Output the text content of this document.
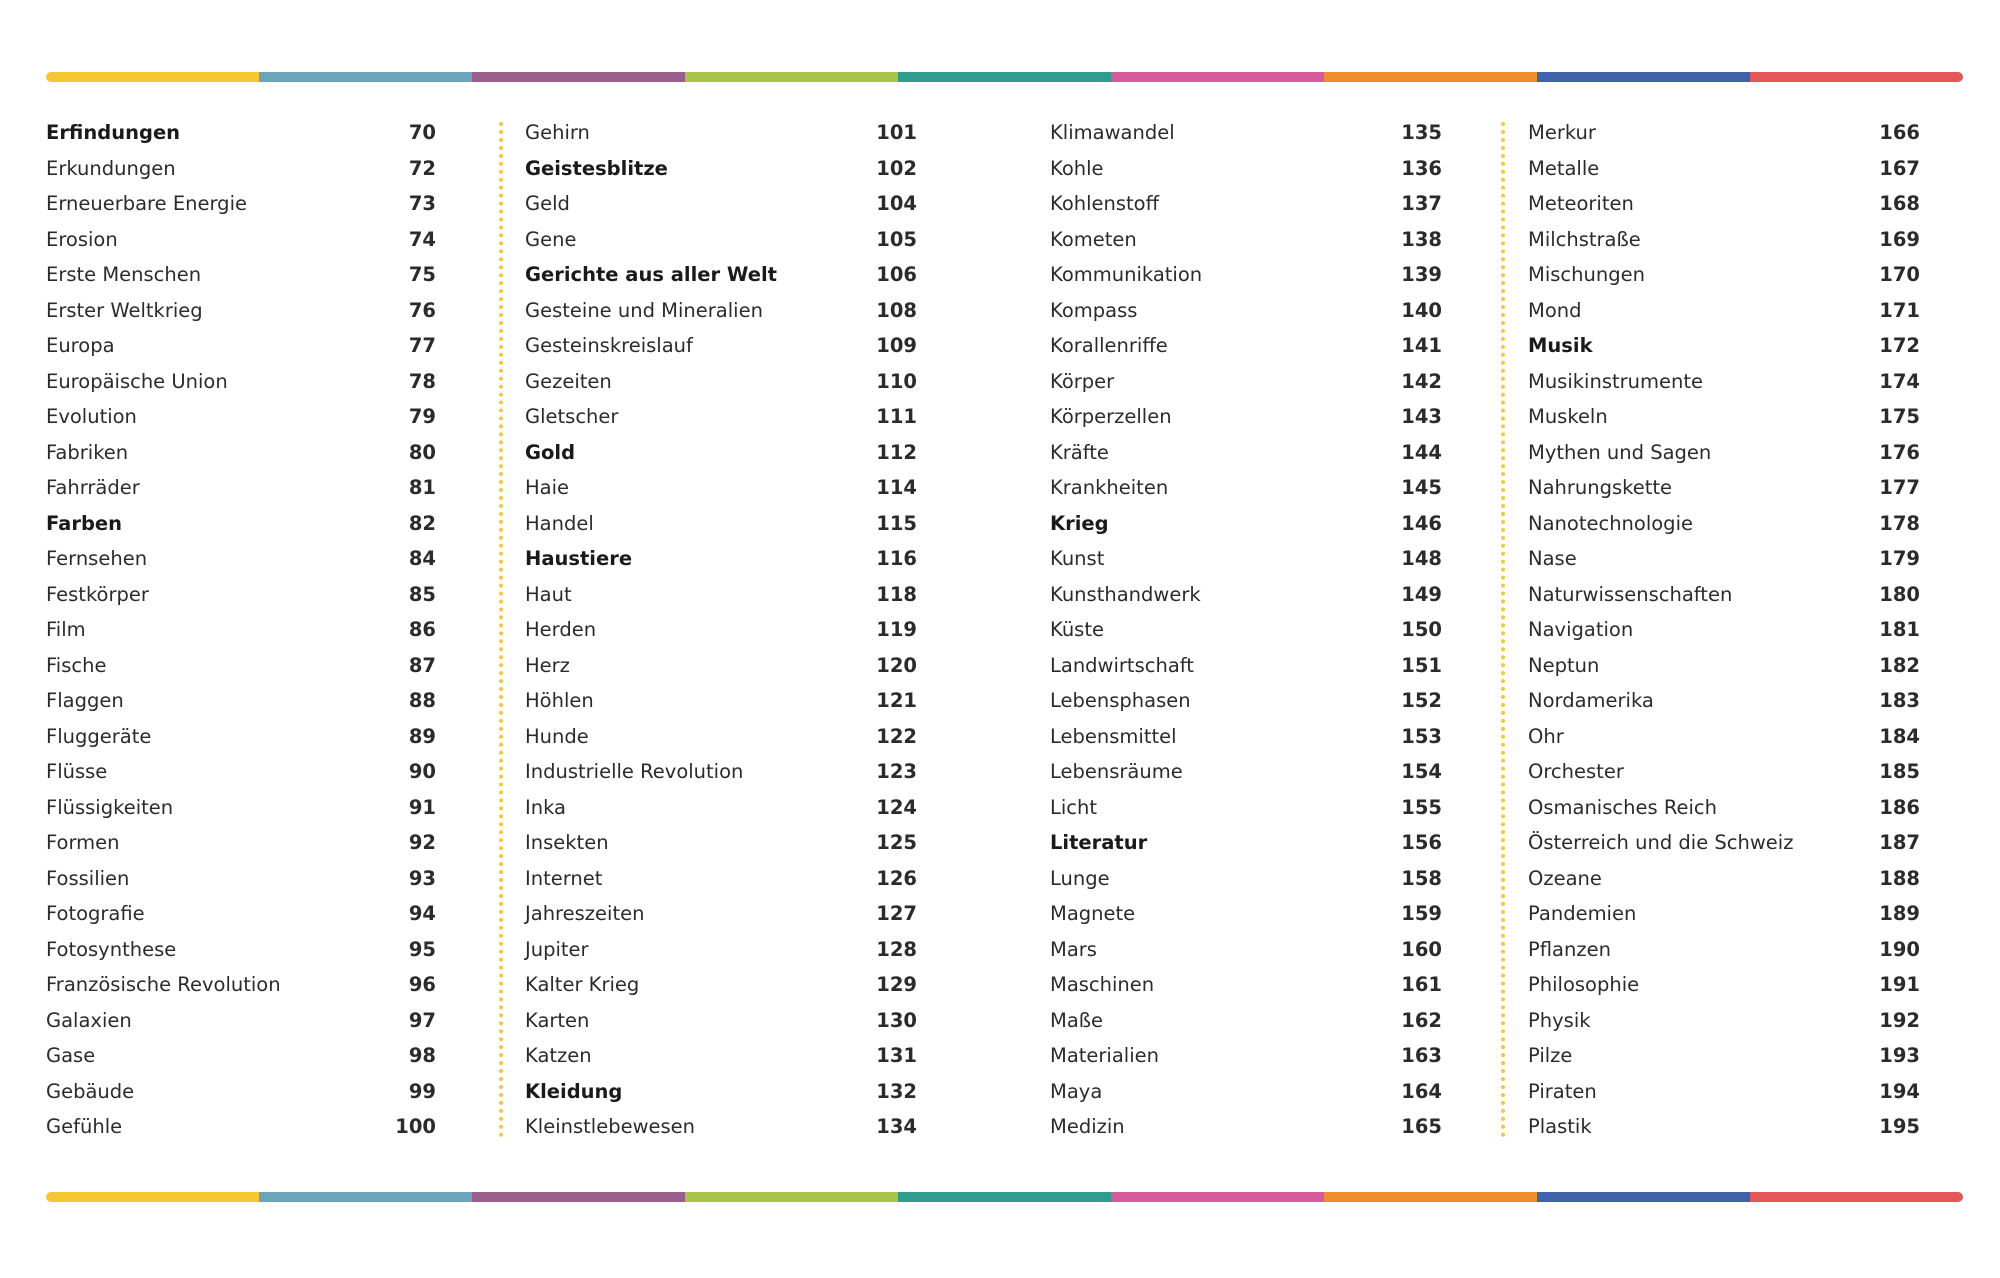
Erfindungen	70
Erkundungen	72
Erneuerbare Energie	73
Erosion	74
Erste Menschen	75
Erster Weltkrieg	76
Europa	77
Europäische Union	78
Evolution	79
Fabriken	80
Fahrräder	81
Farben	82
Fernsehen	84
Festkörper	85
Film	86
Fische	87
Flaggen	88
Fluggeräte	89
Flüsse	90
Flüssigkeiten	91
Formen	92
Fossilien	93
Fotografie	94
Fotosynthese	95
Französische Revolution	96
Galaxien	97
Gase	98
Gebäude	99
Gefühle	100
Gehirn	101
Geistesblitze	102
Geld	104
Gene	105
Gerichte aus aller Welt	106
Gesteine und Mineralien	108
Gesteinskreislauf	109
Gezeiten	110
Gletscher	111
Gold	112
Haie	114
Handel	115
Haustiere	116
Haut	118
Herden	119
Herz	120
Höhlen	121
Hunde	122
Industrielle Revolution	123
Inka	124
Insekten	125
Internet	126
Jahreszeiten	127
Jupiter	128
Kalter Krieg	129
Karten	130
Katzen	131
Kleidung	132
Kleinstlebewesen	134
Klimawandel	135
Kohle	136
Kohlenstoff	137
Kometen	138
Kommunikation	139
Kompass	140
Korallenriffe	141
Körper	142
Körperzellen	143
Kräfte	144
Krankheiten	145
Krieg	146
Kunst	148
Kunsthandwerk	149
Küste	150
Landwirtschaft	151
Lebensphasen	152
Lebensmittel	153
Lebensräume	154
Licht	155
Literatur	156
Lunge	158
Magnete	159
Mars	160
Maschinen	161
Maße	162
Materialien	163
Maya	164
Medizin	165
Merkur	166
Metalle	167
Meteoriten	168
Milchstraße	169
Mischungen	170
Mond	171
Musik	172
Musikinstrumente	174
Muskeln	175
Mythen und Sagen	176
Nahrungskette	177
Nanotechnologie	178
Nase	179
Naturwissenschaften	180
Navigation	181
Neptun	182
Nordamerika	183
Ohr	184
Orchester	185
Osmanisches Reich	186
Österreich und die Schweiz	187
Ozeane	188
Pandemien	189
Pflanzen	190
Philosophie	191
Physik	192
Pilze	193
Piraten	194
Plastik	195
